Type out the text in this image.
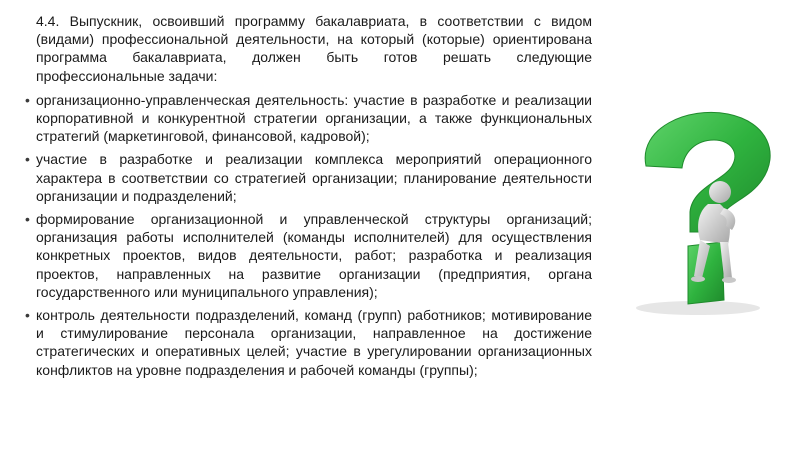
4.4. Выпускник, освоивший программу бакалавриата, в соответствии с видом (видами) профессиональной деятельности, на который (которые) ориентирована программа бакалавриата, должен быть готов решать следующие профессиональные задачи:

• организационно-управленческая деятельность: участие в разработке и реализации корпоративной и конкурентной стратегии организации, а также функциональных стратегий (маркетинговой, финансовой, кадровой);
• участие в разработке и реализации комплекса мероприятий операционного характера в соответствии со стратегией организации; планирование деятельности организации и подразделений;
• формирование организационной и управленческой структуры организаций; организация работы исполнителей (команды исполнителей) для осуществления конкретных проектов, видов деятельности, работ; разработка и реализация проектов, направленных на развитие организации (предприятия, органа государственного или муниципального управления);
• контроль деятельности подразделений, команд (групп) работников; мотивирование и стимулирование персонала организации, направленное на достижение стратегических и оперативных целей; участие в урегулировании организационных конфликтов на уровне подразделения и рабочей команды (группы);
